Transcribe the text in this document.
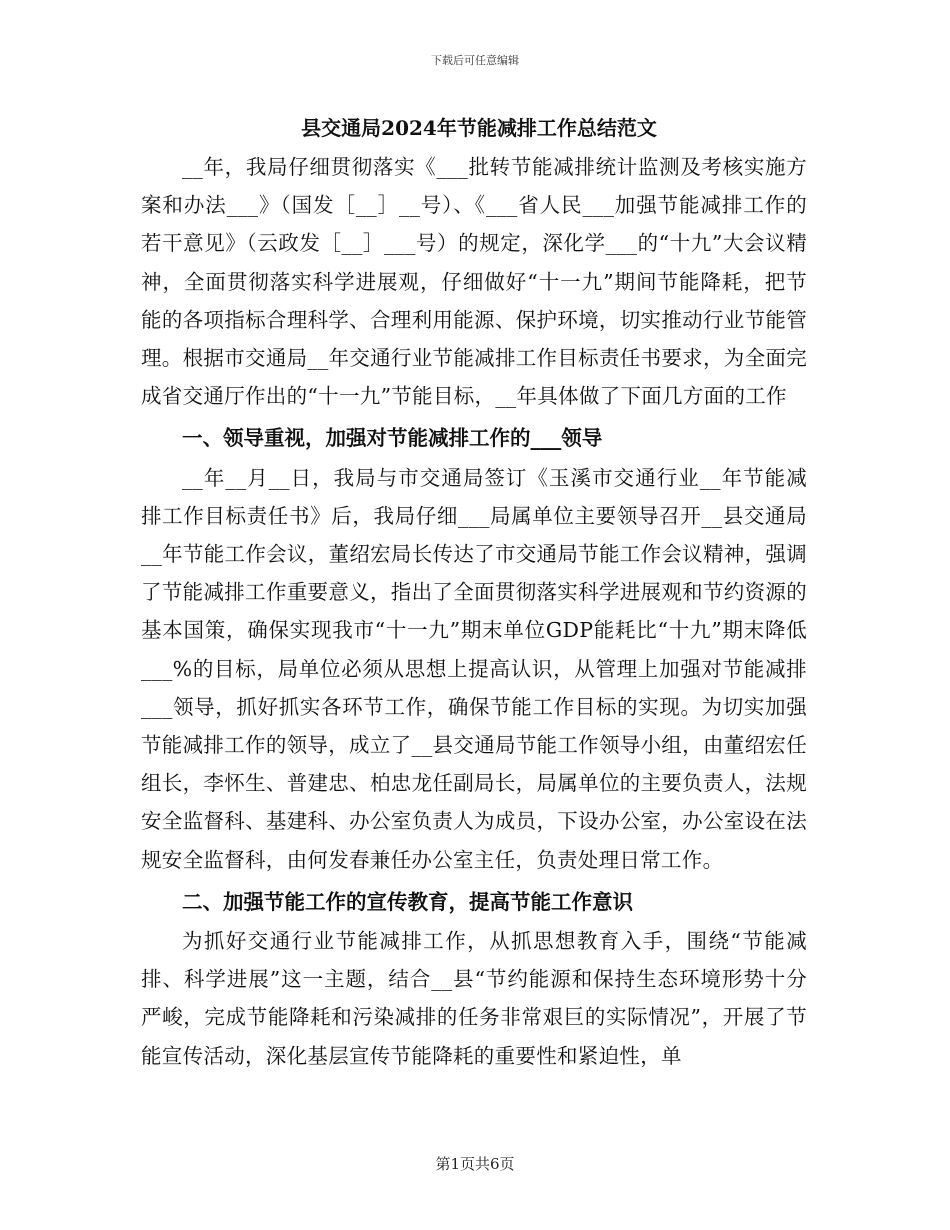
下载后可任意编辑
县交通局2024年节能减排工作总结范文

__年，我局仔细贯彻落实《___批转节能减排统计监测及考核实施方案和办法___》（国发［__］__号）、《___省人民___加强节能减排工作的若干意见》（云政发［__］___号）的规定，深化学___的“十九”大会议精神，全面贯彻落实科学进展观，仔细做好“十一九”期间节能降耗，把节能的各项指标合理科学、合理利用能源、保护环境，切实推动行业节能管理。根据市交通局__年交通行业节能减排工作目标责任书要求，为全面完成省交通厅作出的“十一九”节能目标，__年具体做了下面几方面的工作

一、领导重视，加强对节能减排工作的___领导

__年__月__日，我局与市交通局签订《玉溪市交通行业__年节能减排工作目标责任书》后，我局仔细___局属单位主要领导召开__县交通局__年节能工作会议，董绍宏局长传达了市交通局节能工作会议精神，强调了节能减排工作重要意义，指出了全面贯彻落实科学进展观和节约资源的基本国策，确保实现我市“十一九”期末单位GDP能耗比“十九”期末降低___%的目标，局单位必须从思想上提高认识，从管理上加强对节能减排___领导，抓好抓实各环节工作，确保节能工作目标的实现。为切实加强节能减排工作的领导，成立了__县交通局节能工作领导小组，由董绍宏任组长，李怀生、普建忠、柏忠龙任副局长，局属单位的主要负责人，法规安全监督科、基建科、办公室负责人为成员，下设办公室，办公室设在法规安全监督科，由何发春兼任办公室主任，负责处理日常工作。

二、加强节能工作的宣传教育，提高节能工作意识

为抓好交通行业节能减排工作，从抓思想教育入手，围绕“节能减排、科学进展”这一主题，结合__县“节约能源和保持生态环境形势十分严峻，完成节能降耗和污染减排的任务非常艰巨的实际情况”，开展了节能宣传活动，深化基层宣传节能降耗的重要性和紧迫性，单

第1页共6页
